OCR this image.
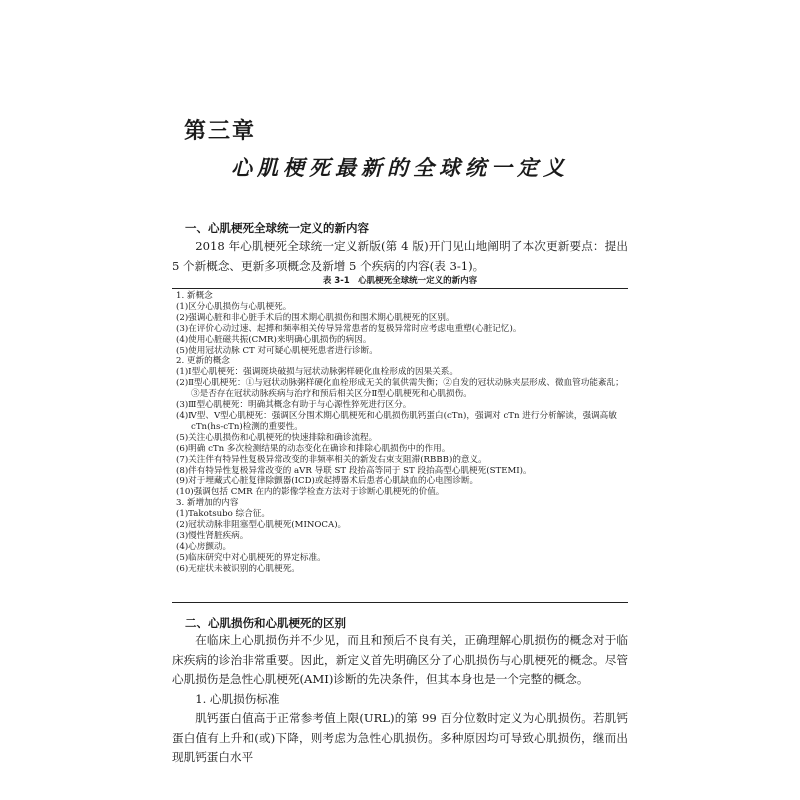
第三章
心肌梗死最新的全球统一定义
一、心肌梗死全球统一定义的新内容

2018 年心肌梗死全球统一定义新版(第 4 版)开门见山地阐明了本次更新要点：提出 5 个新概念、更新多项概念及新增 5 个疾病的内容(表 3-1)。

表 3-1　心肌梗死全球统一定义的新内容
1. 新概念
(1)区分心肌损伤与心肌梗死。
(2)强调心脏和非心脏手术后的围术期心肌损伤和围术期心肌梗死的区别。
(3)在评价心动过速、起搏和频率相关传导异常患者的复极异常时应考虑电重塑(心脏记忆)。
(4)使用心脏磁共振(CMR)来明确心肌损伤的病因。
(5)使用冠状动脉 CT 对可疑心肌梗死患者进行诊断。
2. 更新的概念
(1)Ⅰ型心肌梗死：强调斑块破损与冠状动脉粥样硬化血栓形成的因果关系。
(2)Ⅱ型心肌梗死：①与冠状动脉粥样硬化血栓形成无关的氧供需失衡；②自发的冠状动脉夹层形成、微血管功能紊乱；③是否存在冠状动脉疾病与治疗和预后相关区分Ⅱ型心肌梗死和心肌损伤。
(3)Ⅲ型心肌梗死：明确其概念有助于与心源性猝死进行区分。
(4)Ⅳ型、Ⅴ型心肌梗死：强调区分围术期心肌梗死和心肌损伤肌钙蛋白(cTn)，强调对 cTn 进行分析解读，强调高敏 cTn(hs-cTn)检测的重要性。
(5)关注心肌损伤和心肌梗死的快速排除和确诊流程。
(6)明确 cTn 多次检测结果的动态变化在确诊和排除心肌损伤中的作用。
(7)关注伴有特异性复极异常改变的非频率相关的新发右束支阻滞(RBBB)的意义。
(8)伴有特异性复极异常改变的 aVR 导联 ST 段抬高等同于 ST 段抬高型心肌梗死(STEMI)。
(9)对于埋藏式心脏复律除颤器(ICD)或起搏器术后患者心肌缺血的心电图诊断。
(10)强调包括 CMR 在内的影像学检查方法对于诊断心肌梗死的价值。
3. 新增加的内容
(1)Takotsubo 综合征。
(2)冠状动脉非阻塞型心肌梗死(MINOCA)。
(3)慢性肾脏疾病。
(4)心房颤动。
(5)临床研究中对心肌梗死的界定标准。
(6)无症状未被识别的心肌梗死。
二、心肌损伤和心肌梗死的区别

在临床上心肌损伤并不少见，而且和预后不良有关，正确理解心肌损伤的概念对于临床疾病的诊治非常重要。因此，新定义首先明确区分了心肌损伤与心肌梗死的概念。尽管心肌损伤是急性心肌梗死(AMI)诊断的先决条件，但其本身也是一个完整的概念。

1. 心肌损伤标准

肌钙蛋白值高于正常参考值上限(URL)的第 99 百分位数时定义为心肌损伤。若肌钙蛋白值有上升和(或)下降，则考虑为急性心肌损伤。多种原因均可导致心肌损伤，继而出现肌钙蛋白水平
